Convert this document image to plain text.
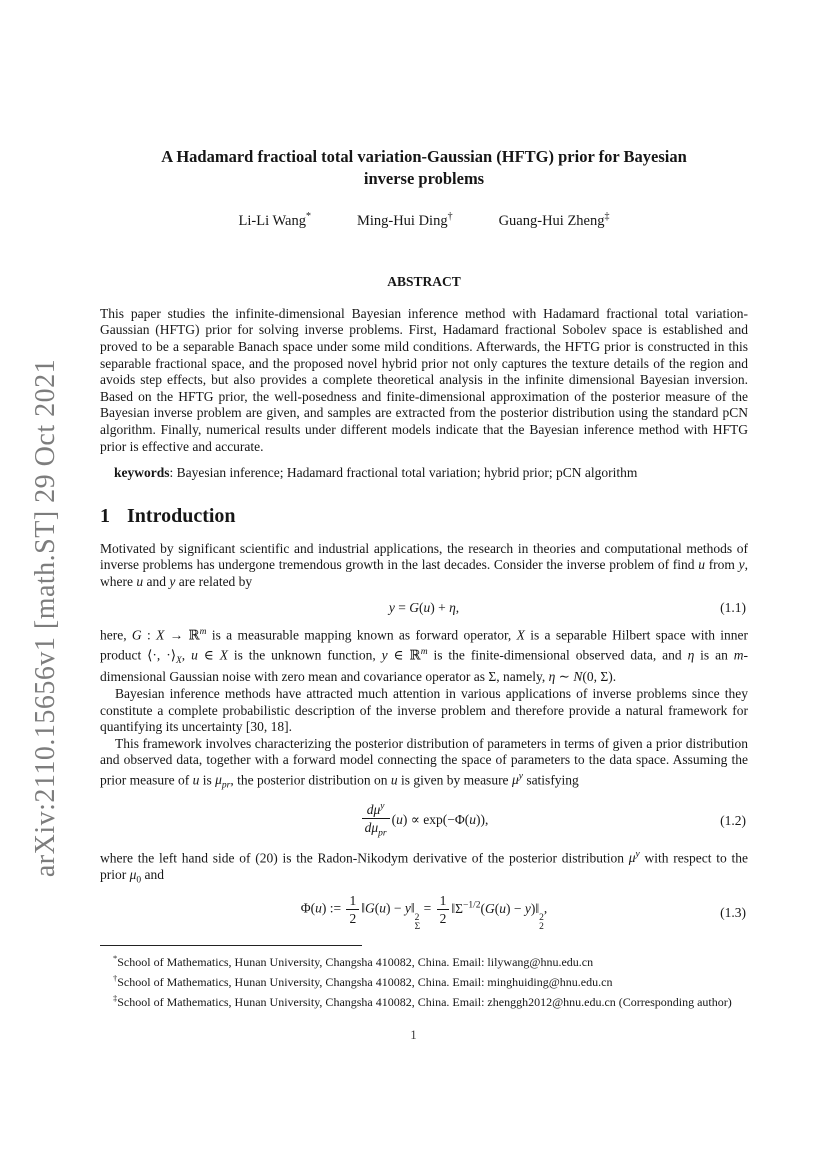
arXiv:2110.15656v1 [math.ST] 29 Oct 2021
A Hadamard fractioal total variation-Gaussian (HFTG) prior for Bayesian
inverse problems
Li-Li Wang*	Ming-Hui Ding†	Guang-Hui Zheng‡
ABSTRACT

This paper studies the infinite-dimensional Bayesian inference method with Hadamard fractional total variation-Gaussian (HFTG) prior for solving inverse problems. First, Hadamard fractional Sobolev space is established and proved to be a separable Banach space under some mild conditions. Afterwards, the HFTG prior is constructed in this separable fractional space, and the proposed novel hybrid prior not only captures the texture details of the region and avoids step effects, but also provides a complete theoretical analysis in the infinite dimensional Bayesian inversion. Based on the HFTG prior, the well-posedness and finite-dimensional approximation of the posterior measure of the Bayesian inverse problem are given, and samples are extracted from the posterior distribution using the standard pCN algorithm. Finally, numerical results under different models indicate that the Bayesian inference method with HFTG prior is effective and accurate.

keywords: Bayesian inference; Hadamard fractional total variation; hybrid prior; pCN algorithm

1 Introduction

Motivated by significant scientific and industrial applications, the research in theories and computational methods of inverse problems has undergone tremendous growth in the last decades. Consider the inverse problem of find u from y, where u and y are related by

y = G(u) + η,	(1.1)

here, G : X → ℝ$^m$ is a measurable mapping known as forward operator, X is a separable Hilbert space with inner product ⟨·, $\cdot⟩_X$, u ∈ X is the unknown function, y ∈ ℝ$^m$ is the finite-dimensional observed data, and η is an m-dimensional Gaussian noise with zero mean and covariance operator as Σ, namely, η ∼ N(0, Σ).

Bayesian inference methods have attracted much attention in various applications of inverse problems since they constitute a complete probabilistic description of the inverse problem and therefore provide a natural framework for quantifying its uncertainty [30, 18].

This framework involves characterizing the posterior distribution of parameters in terms of given a prior distribution and observed data, together with a forward model connecting the space of parameters to the data space. Assuming the prior measure of u is $\mu_{pr}$, the posterior distribution on u is given by measure $\mu^y$ satisfying

$\frac{d\mu^y}{d\mu_{pr}} (u) \propto \exp(-\Phi(u))$,	(1.2)

where the left hand side of (20) is the Radon-Nikodym derivative of the posterior distribution $\mu^y$ with respect to the prior $\mu_0$ and

Φ(u) := $\frac{1}{2}$ ‖G(u) − y‖
2
Σ
= $\frac{1}{2}$ $‖\Sigma^{-1/2}(G(u)$ − y)‖
2
2
,	(1.3)

*School of Mathematics, Hunan University, Changsha 410082, China. Email: lilywang@hnu.edu.cn

†School of Mathematics, Hunan University, Changsha 410082, China. Email: minghuiding@hnu.edu.cn

‡School of Mathematics, Hunan University, Changsha 410082, China. Email: zhenggh2012@hnu.edu.cn (Corresponding author)

1
